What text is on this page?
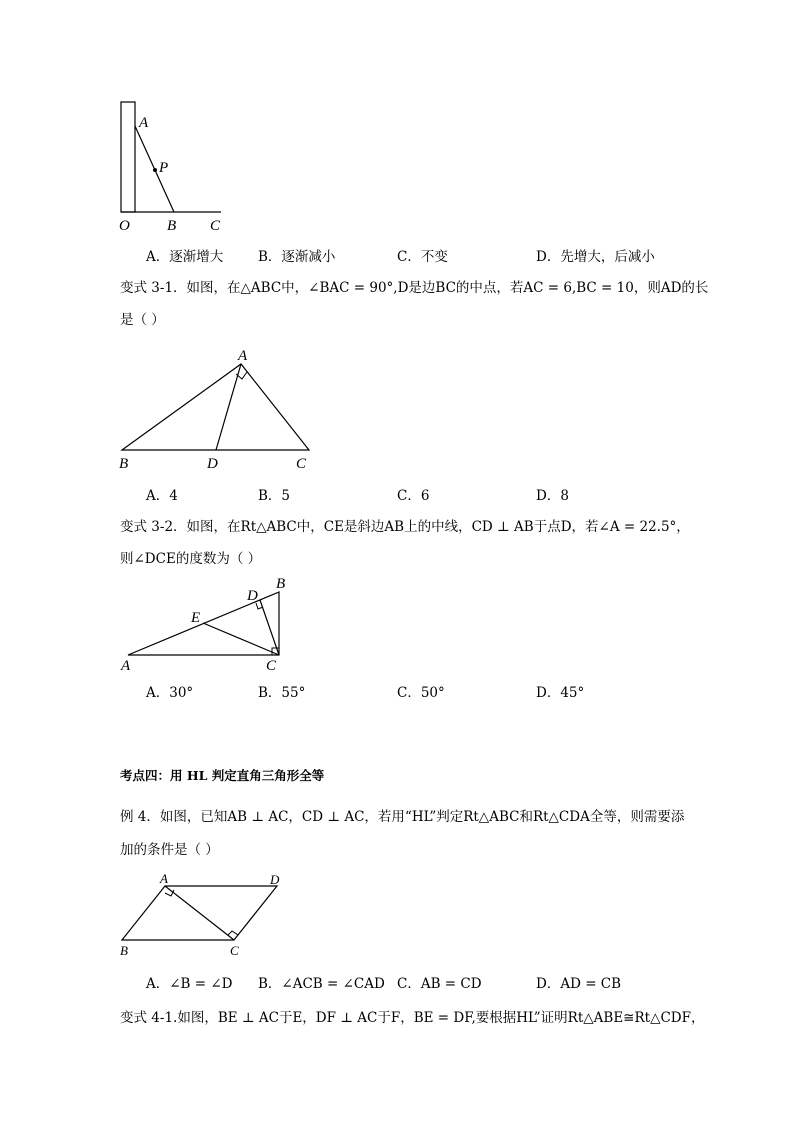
A
P
O B C
A．逐渐增大	B．逐渐减小	C．不变	D．先增大，后减小
变式 3-1．如图，在△ABC中，∠BAC = 90°,D是边BC的中点，若AC = 6,BC = 10，则AD的长
是（ ）
A
B	D	C
A．4	B．5	C．6	D．8
变式 3-2．如图，在Rt△ABC中，CE是斜边AB上的中线，CD ⊥ AB于点D，若∠A = 22.5°，
则∠DCE的度数为（ ）
A
B
C
D
E
A．30°	B．55°	C．50°	D．45°
考点四：用 HL 判定直角三角形全等
例 4．如图，已知AB ⊥ AC，CD ⊥ AC，若用“HL”判定Rt△ABC和Rt△CDA全等，则需要添
加的条件是（ ）
A	D
B	C
A．∠B = ∠D B．∠ACB = ∠CAD C．AB = CD	D．AD = CB
变式 4-1.如图，BE ⊥ AC于E，DF ⊥ AC于F，BE = DF,要根据HL”证明Rt△ABE≅Rt△CDF，
